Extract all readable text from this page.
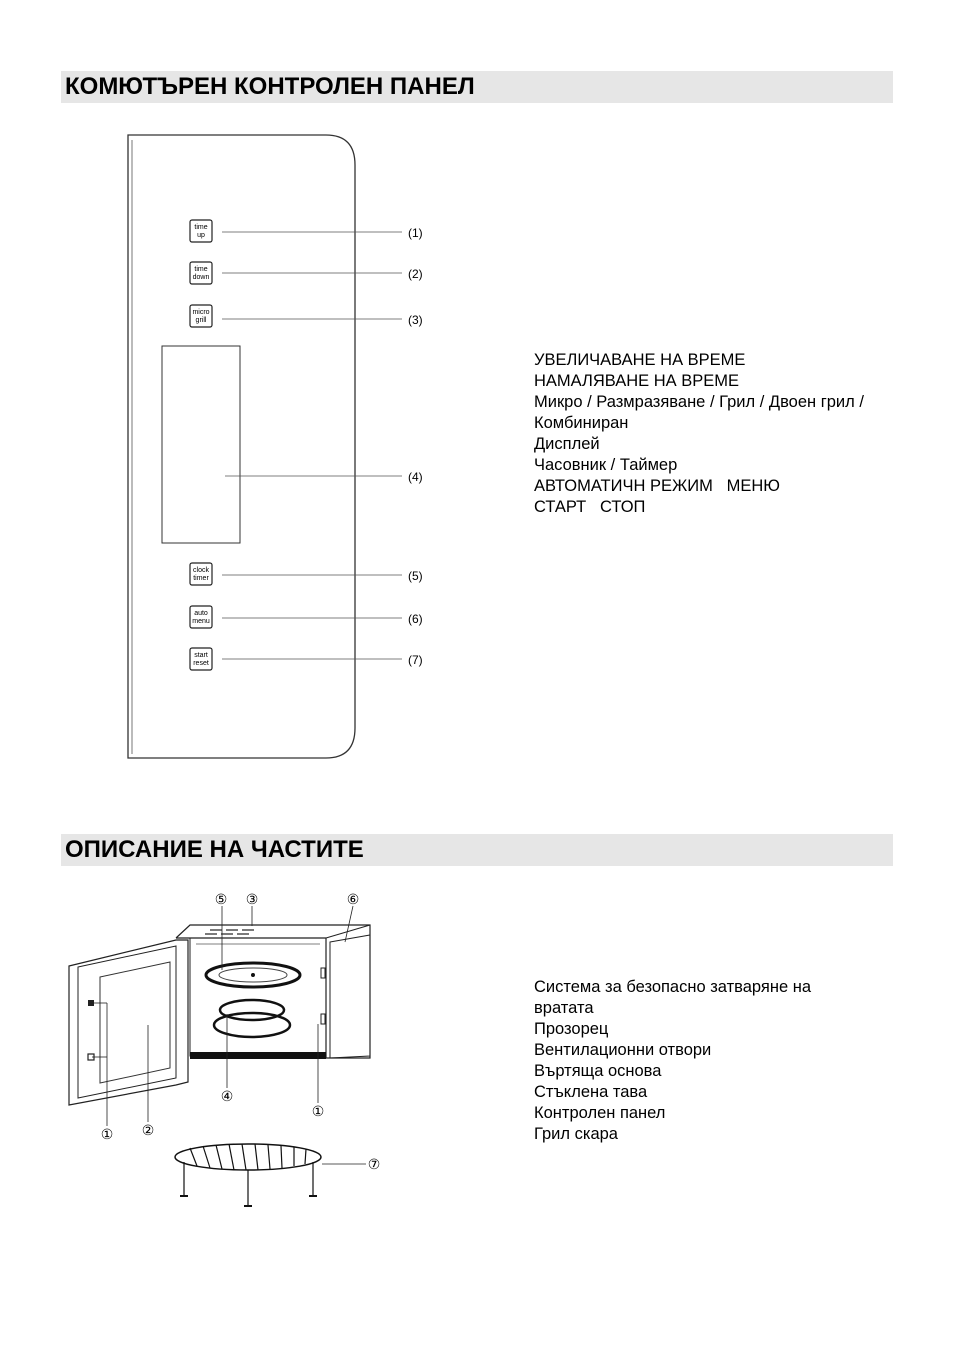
КОМЮТЪРЕН КОНТРОЛЕН ПАНЕЛ
time
up	(1)
time
down	(2)
micro
grill	(3)
(4)
clock
timer	(5)
auto
menu	(6)
start
reset	(7)
УВЕЛИЧАВАНЕ НА ВРЕМЕ
НАМАЛЯВАНЕ НА ВРЕМЕ
Микро / Размразяване / Грил / Двоен грил / Комбиниран
Дисплей
Часовник / Таймер
АВТОМАТИЧН РЕЖИМ   МЕНЮ
СТАРТ   СТОП
ОПИСАНИЕ НА ЧАСТИТЕ
⑤ ③	⑥
④
①
① ②
⑦
Система за безопасно затваряне на вратата
Прозорец
Вентилационни отвори
Въртяща основа
Стъклена тава
Контролен панел
Грил скара
